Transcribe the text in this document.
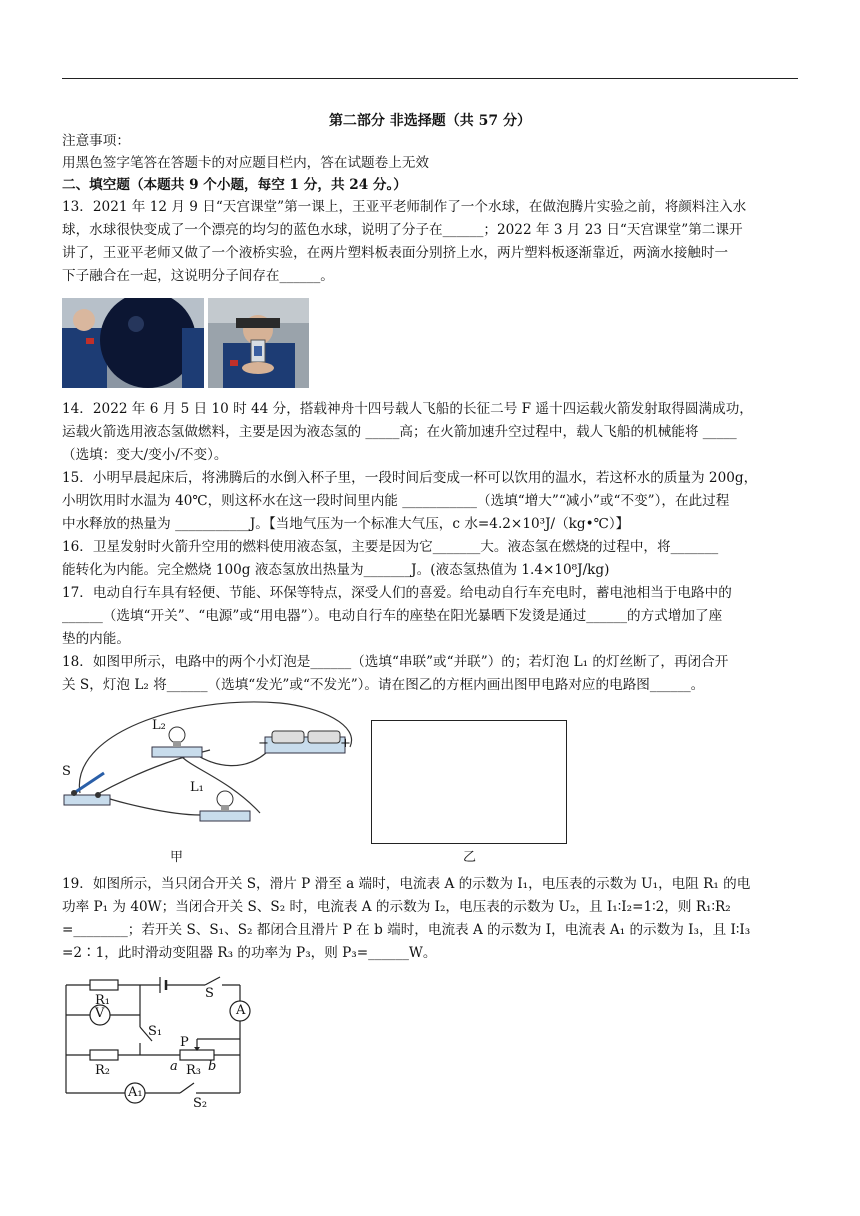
第二部分 非选择题（共 57 分）
注意事项：
用黑色签字笔答在答题卡的对应题目栏内，答在试题卷上无效
二、填空题（本题共 9 个小题，每空 1 分，共 24 分。）
13．2021 年 12 月 9 日“天宫课堂”第一课上，王亚平老师制作了一个水球，在做泡腾片实验之前，将颜料注入水
球，水球很快变成了一个漂亮的均匀的蓝色水球，说明了分子在______；2022 年 3 月 23 日“天宫课堂”第二课开
讲了，王亚平老师又做了一个液桥实验，在两片塑料板表面分别挤上水，两片塑料板逐渐靠近，两滴水接触时一
下子融合在一起，这说明分子间存在______。
14．2022 年 6 月 5 日 10 时 44 分，搭载神舟十四号载人飞船的长征二号 F 遥十四运载火箭发射取得圆满成功，
运载火箭选用液态氢做燃料，主要是因为液态氢的 _____高；在火箭加速升空过程中，载人飞船的机械能将 _____
（选填：变大/变小/不变）。
15．小明早晨起床后，将沸腾后的水倒入杯子里，一段时间后变成一杯可以饮用的温水，若这杯水的质量为 200g，
小明饮用时水温为 40℃，则这杯水在这一段时间里内能 ___________（选填“增大”“减小”或“不变”），在此过程
中水释放的热量为 ___________J。【当地气压为一个标准大气压，c 水=4.2×10³J/（kg•℃）】
16．卫星发射时火箭升空用的燃料使用液态氢，主要是因为它_______大。液态氢在燃烧的过程中，将_______
能转化为内能。完全燃烧 100g 液态氢放出热量为_______J。(液态氢热值为 1.4×10⁸J/kg)
17．电动自行车具有轻便、节能、环保等特点，深受人们的喜爱。给电动自行车充电时，蓄电池相当于电路中的
______（选填“开关”、“电源”或“用电器”）。电动自行车的座垫在阳光暴晒下发烫是通过______的方式增加了座
垫的内能。
18．如图甲所示，电路中的两个小灯泡是______（选填“串联”或“并联”）的；若灯泡 L₁ 的灯丝断了，再闭合开
关 S，灯泡 L₂ 将______（选填“发光”或“不发光”）。请在图乙的方框内画出图甲电路对应的电路图______。
L₂
L₁
S
−	+
甲	乙
19．如图所示，当只闭合开关 S，滑片 P 滑至 a 端时，电流表 A 的示数为 I₁，电压表的示数为 U₁，电阻 R₁ 的电
功率 P₁ 为 40W；当闭合开关 S、S₂ 时，电流表 A 的示数为 I₂，电压表的示数为 U₂，且 I₁∶I₂=1∶2，则 R₁∶R₂
=________；若开关 S、S₁、S₂ 都闭合且滑片 P 在 b 端时，电流表 A 的示数为 I，电流表 A₁ 的示数为 I₃，且 I∶I₃
=2∶1，此时滑动变阻器 R₃ 的功率为 P₃，则 P₃=______W。
R₁
R₂	R₃
V	A
A₁
S
S₁
S₂
P
a b
